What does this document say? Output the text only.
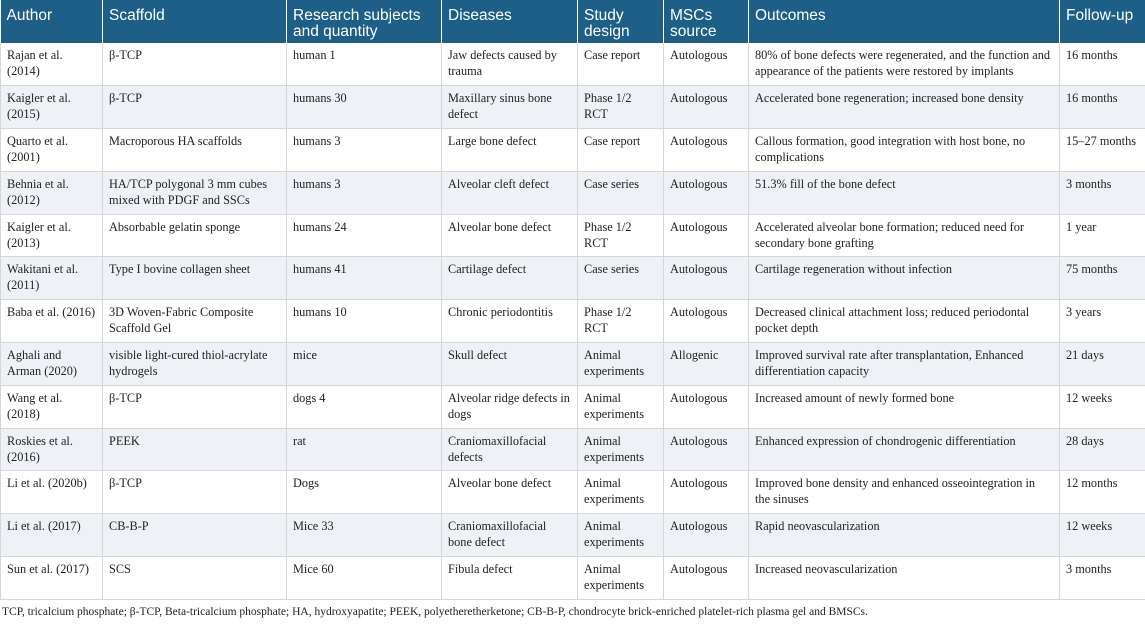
Author	Scaffold	Research subjects and quantity	Diseases	Study design	MSCs source	Outcomes	Follow-up
Rajan et al. (2014)	β-TCP	human 1	Jaw defects caused by trauma	Case report	Autologous	80% of bone defects were regenerated, and the function and appearance of the patients were restored by implants	16 months
Kaigler et al. (2015)	β-TCP	humans 30	Maxillary sinus bone defect	Phase 1/2 RCT	Autologous	Accelerated bone regeneration; increased bone density	16 months
Quarto et al. (2001)	Macroporous HA scaffolds	humans 3	Large bone defect	Case report	Autologous	Callous formation, good integration with host bone, no complications	15–27 months
Behnia et al. (2012)	HA/TCP polygonal 3 mm cubes mixed with PDGF and SSCs	humans 3	Alveolar cleft defect	Case series	Autologous	51.3% fill of the bone defect	3 months
Kaigler et al. (2013)	Absorbable gelatin sponge	humans 24	Alveolar bone defect	Phase 1/2 RCT	Autologous	Accelerated alveolar bone formation; reduced need for secondary bone grafting	1 year
Wakitani et al. (2011)	Type I bovine collagen sheet	humans 41	Cartilage defect	Case series	Autologous	Cartilage regeneration without infection	75 months
Baba et al. (2016)	3D Woven-Fabric Composite Scaffold Gel	humans 10	Chronic periodontitis	Phase 1/2 RCT	Autologous	Decreased clinical attachment loss; reduced periodontal pocket depth	3 years
Aghali and Arman (2020)	visible light-cured thiol-acrylate hydrogels	mice	Skull defect	Animal experiments	Allogenic	Improved survival rate after transplantation, Enhanced differentiation capacity	21 days
Wang et al. (2018)	β-TCP	dogs 4	Alveolar ridge defects in dogs	Animal experiments	Autologous	Increased amount of newly formed bone	12 weeks
Roskies et al. (2016)	PEEK	rat	Craniomaxillofacial defects	Animal experiments	Autologous	Enhanced expression of chondrogenic differentiation	28 days
Li et al. (2020b)	β-TCP	Dogs	Alveolar bone defect	Animal experiments	Autologous	Improved bone density and enhanced osseointegration in the sinuses	12 months
Li et al. (2017)	CB-B-P	Mice 33	Craniomaxillofacial bone defect	Animal experiments	Autologous	Rapid neovascularization	12 weeks
Sun et al. (2017)	SCS	Mice 60	Fibula defect	Animal experiments	Autologous	Increased neovascularization	3 months
TCP, tricalcium phosphate; β-TCP, Beta-tricalcium phosphate; HA, hydroxyapatite; PEEK, polyetheretherketone; CB-B-P, chondrocyte brick-enriched platelet-rich plasma gel and BMSCs.
